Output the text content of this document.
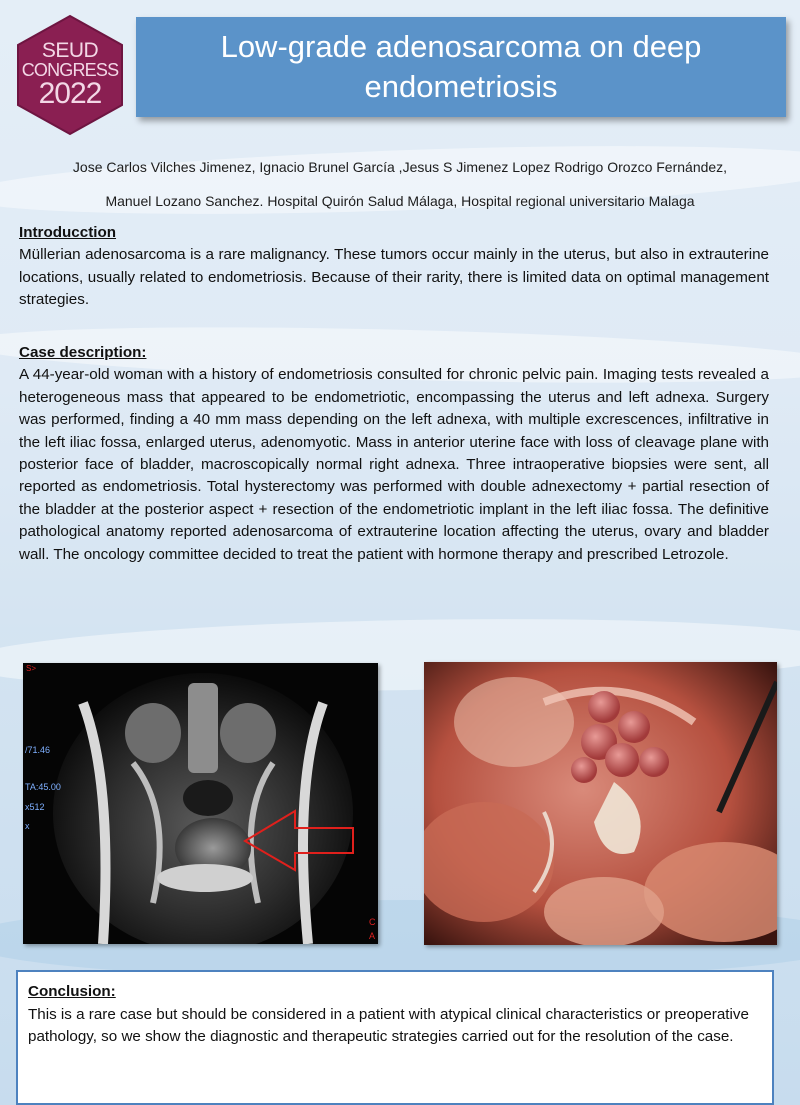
SEUD
CONGRESS
2022
Low-grade adenosarcoma on deep endometriosis
Jose Carlos Vilches Jimenez, Ignacio Brunel García ,Jesus S Jimenez Lopez Rodrigo Orozco Fernández,
Manuel Lozano Sanchez. Hospital Quirón Salud Málaga, Hospital regional universitario Malaga
Introducction

Müllerian adenosarcoma is a rare malignancy. These tumors occur mainly in the uterus, but also in extrauterine locations, usually related to endometriosis. Because of their rarity, there is limited data on optimal management strategies.

Case description:

A 44-year-old woman with a history of endometriosis consulted for chronic pelvic pain. Imaging tests revealed a heterogeneous mass that appeared to be endometriotic, encompassing the uterus and left adnexa. Surgery was performed, finding a 40 mm mass depending on the left adnexa, with multiple excrescences, infiltrative in the left iliac fossa, enlarged uterus, adenomyotic. Mass in anterior uterine face with loss of cleavage plane with posterior face of bladder, macroscopically normal right adnexa. Three intraoperative biopsies were sent, all reported as endometriosis. Total hysterectomy was performed with double adnexectomy + partial resection of the bladder at the posterior aspect + resection of the endometriotic implant in the left iliac fossa. The definitive pathological anatomy reported adenosarcoma of extrauterine location affecting the uterus, ovary and bladder wall. The oncology committee decided to treat the patient with hormone therapy and prescribed Letrozole.

S>
/71.46
TA:45.00
x512
x
C
A
Conclusion:

This is a rare case but should be considered in a patient with atypical clinical characteristics or preoperative pathology, so we show the diagnostic and therapeutic strategies carried out for the resolution of the case.
